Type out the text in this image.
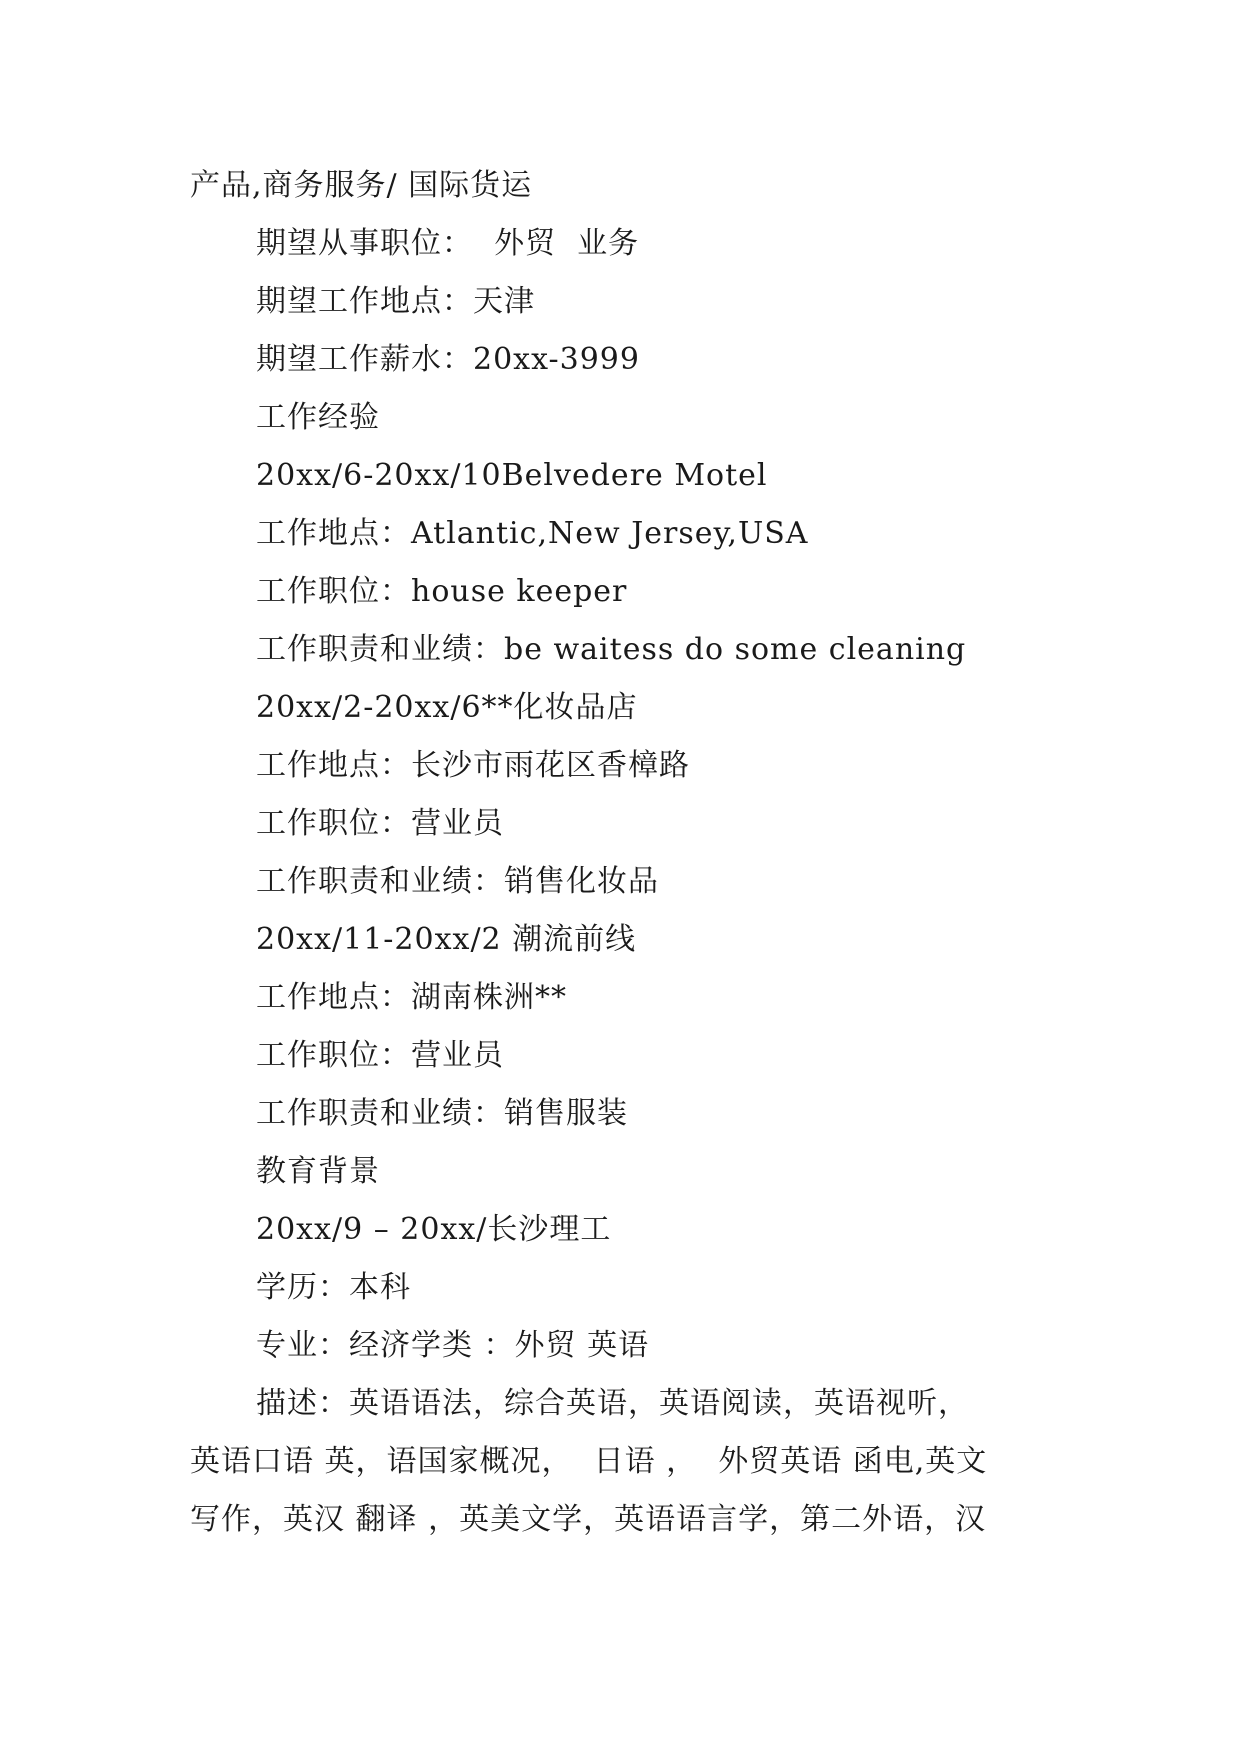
产品,商务服务/ 国际货运
期望从事职位：  外贸  业务
期望工作地点：天津
期望工作薪水：20xx-3999
工作经验
20xx/6-20xx/10Belvedere Motel
工作地点：Atlantic,New Jersey,USA
工作职位：house keeper
工作职责和业绩：be waitess do some cleaning
20xx/2-20xx/6**化妆品店
工作地点：长沙市雨花区香樟路
工作职位：营业员
工作职责和业绩：销售化妆品
20xx/11-20xx/2 潮流前线
工作地点：湖南株洲**
工作职位：营业员
工作职责和业绩：销售服装
教育背景
20xx/9 – 20xx/长沙理工
学历：本科
专业：经济学类 ：外贸 英语
描述：英语语法，综合英语，英语阅读，英语视听，
英语口语 英，语国家概况，  日语 ，  外贸英语 函电,英文
写作，英汉 翻译 ，英美文学，英语语言学，第二外语，汉
